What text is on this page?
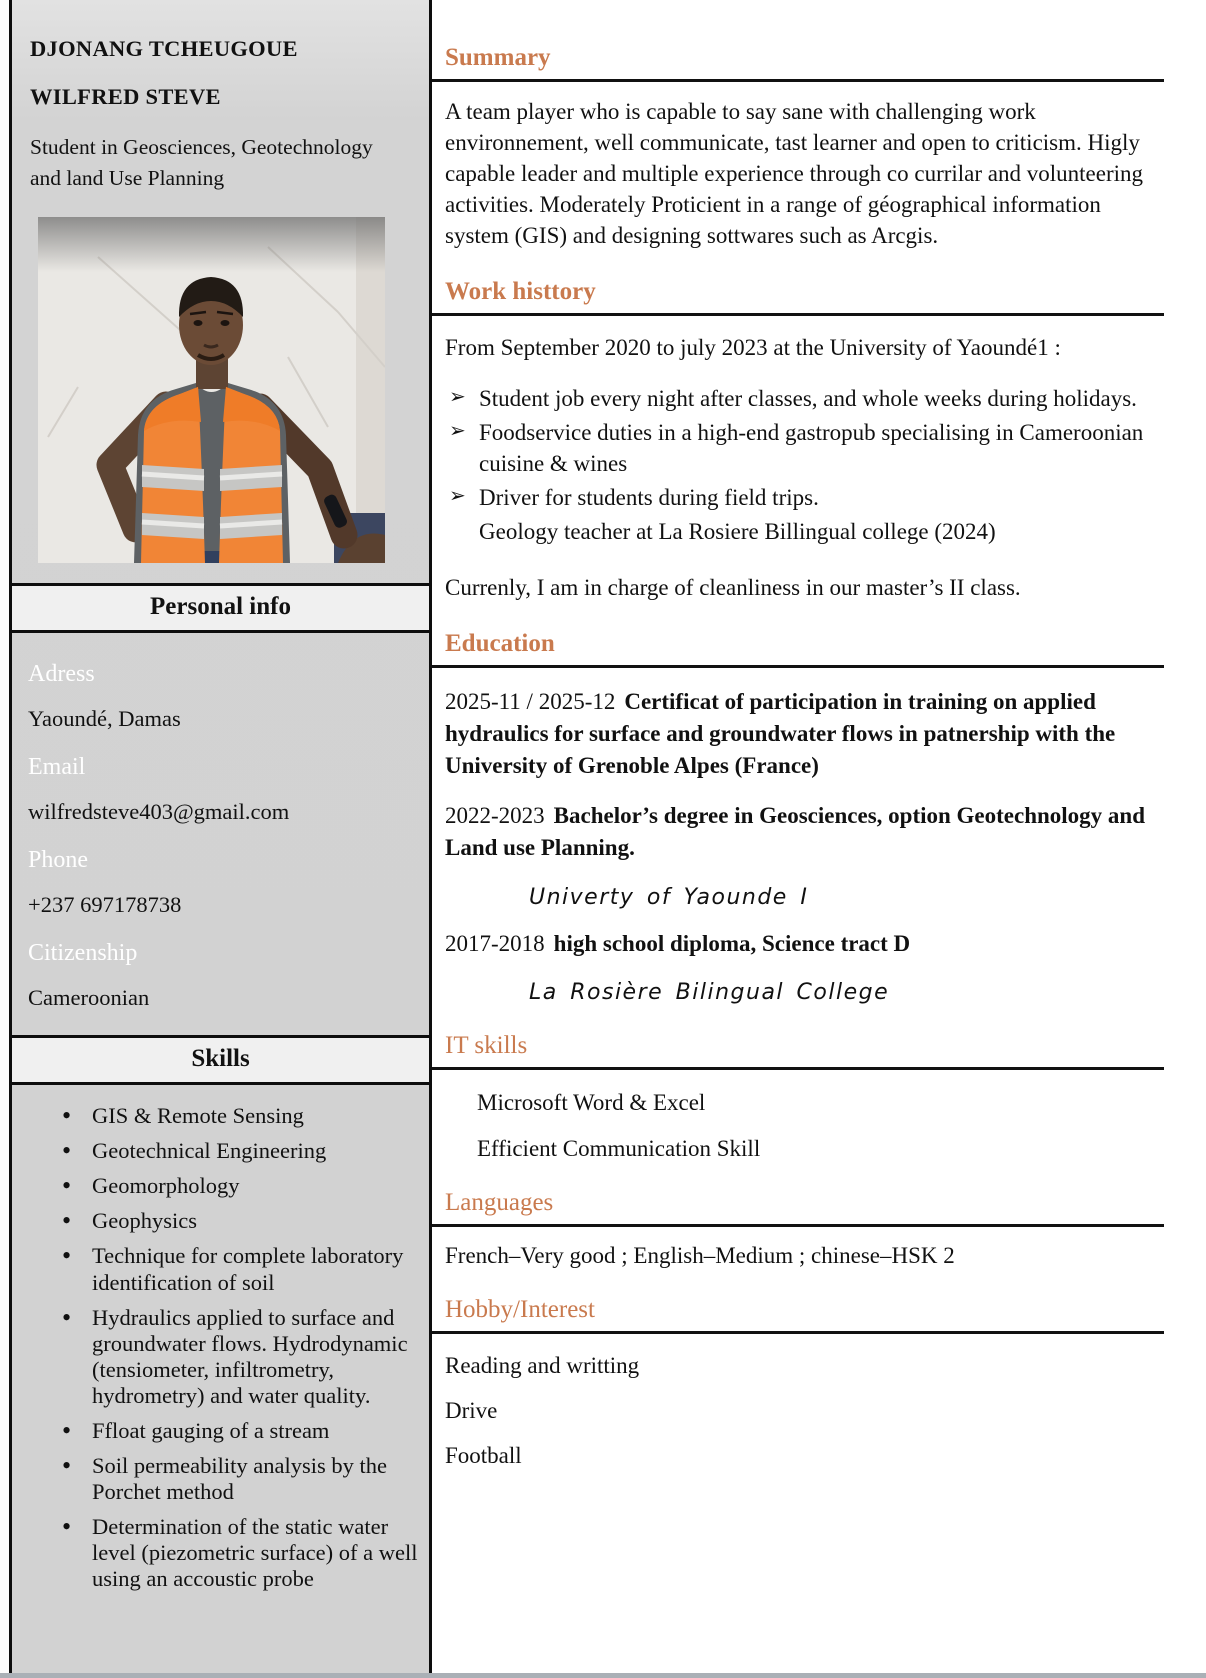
DJONANG TCHEUGOUE
WILFRED STEVE
Student in Geosciences, Geotechnology and land Use Planning
Personal info
Adress
Yaoundé, Damas
Email
wilfredsteve403@gmail.com
Phone
+237 697178738
Citizenship
Cameroonian
Skills
• GIS & Remote Sensing
• Geotechnical Engineering
• Geomorphology
• Geophysics
• Technique for complete laboratory identification of soil
• Hydraulics applied to surface and groundwater flows. Hydrodynamic (tensiometer, infiltrometry, hydrometry) and water quality.
• Ffloat gauging of a stream
• Soil permeability analysis by the Porchet method
• Determination of the static water level (piezometric surface) of a well using an accoustic probe
Summary

A team player who is capable to say sane with challenging work environnement, well communicate, tast learner and open to criticism. Higly capable leader and multiple experience through co currilar and volunteering activities. Moderately Proticient in a range of géographical information system (GIS) and designing sottwares such as Arcgis.

Work histtory

From September 2020 to july 2023 at the University of Yaoundé1 :

➢ Student job every night after classes, and whole weeks during holidays.
➢ Foodservice duties in a high-end gastropub specialising in Cameroonian cuisine & wines
➢ Driver for students during field trips.
Geology teacher at La Rosiere Billingual college (2024)

Currenly, I am in charge of cleanliness in our master’s II class.

Education

2025-11 / 2025-12 Certificat of participation in training on applied hydraulics for surface and groundwater flows in patnership with the University of Grenoble Alpes (France)

2022-2023 Bachelor’s degree in Geosciences, option Geotechnology and Land use Planning.

Univerty of Yaounde I

2017-2018 high school diploma, Science tract D

La Rosière Bilingual College
IT skills
Microsoft Word & Excel
Efficient Communication Skill
Languages
French–Very good ; English–Medium ; chinese–HSK 2
Hobby/Interest
Reading and writting
Drive
Football
